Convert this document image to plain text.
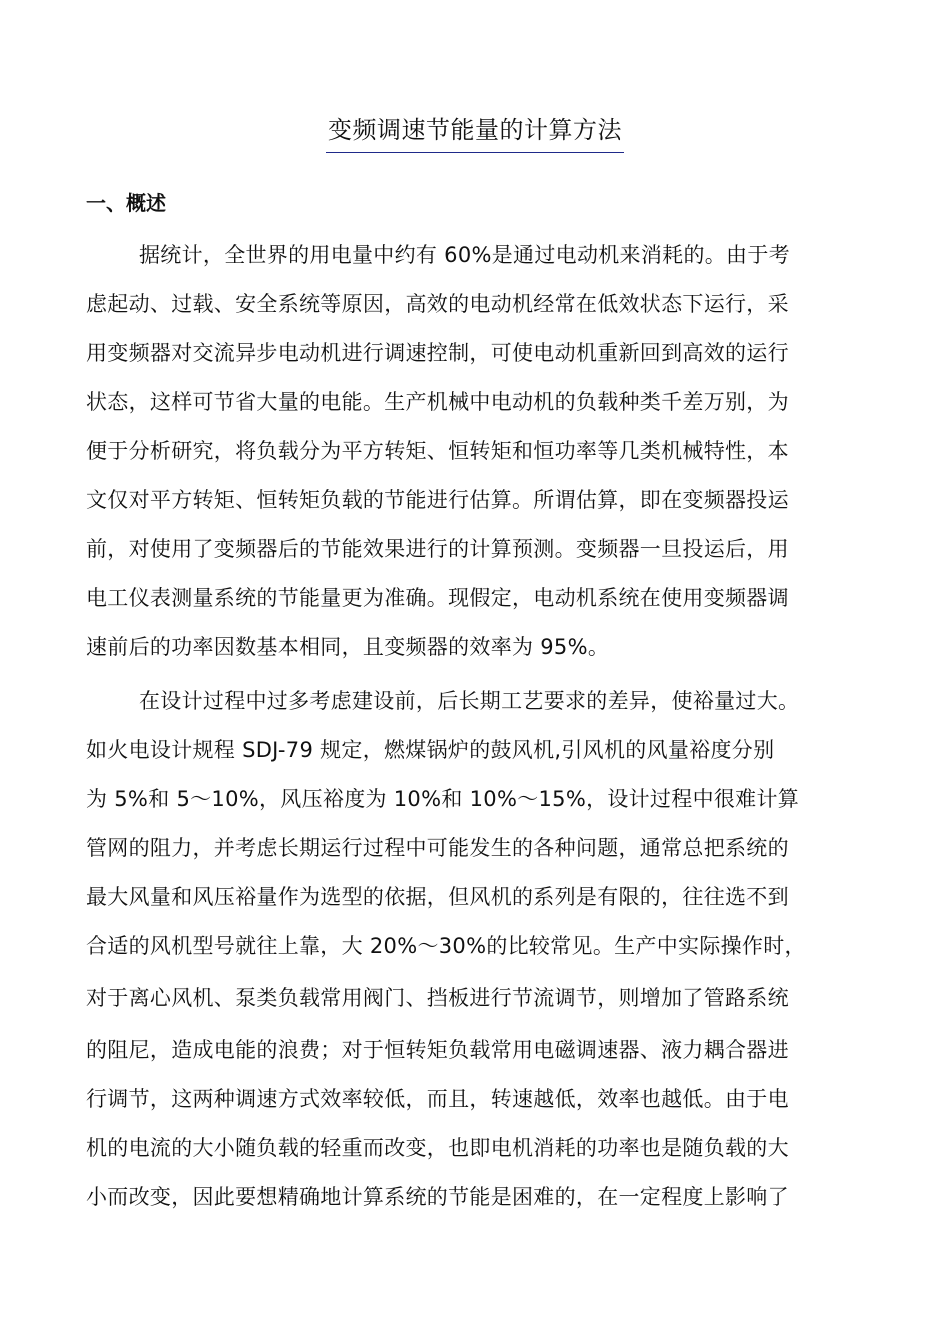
变频调速节能量的计算方法
一、概述
据统计，全世界的用电量中约有 60%是通过电动机来消耗的。由于考
虑起动、过载、安全系统等原因，高效的电动机经常在低效状态下运行，采
用变频器对交流异步电动机进行调速控制，可使电动机重新回到高效的运行
状态，这样可节省大量的电能。生产机械中电动机的负载种类千差万别，为
便于分析研究，将负载分为平方转矩、恒转矩和恒功率等几类机械特性，本
文仅对平方转矩、恒转矩负载的节能进行估算。所谓估算，即在变频器投运
前，对使用了变频器后的节能效果进行的计算预测。变频器一旦投运后，用
电工仪表测量系统的节能量更为准确。现假定，电动机系统在使用变频器调
速前后的功率因数基本相同，且变频器的效率为 95%。
在设计过程中过多考虑建设前，后长期工艺要求的差异，使裕量过大。
如火电设计规程 SDJ-79 规定，燃煤锅炉的鼓风机,引风机的风量裕度分别
为 5%和 5～10%，风压裕度为 10%和 10%～15%，设计过程中很难计算
管网的阻力，并考虑长期运行过程中可能发生的各种问题，通常总把系统的
最大风量和风压裕量作为选型的依据，但风机的系列是有限的，往往选不到
合适的风机型号就往上靠，大 20%～30%的比较常见。生产中实际操作时，
对于离心风机、泵类负载常用阀门、挡板进行节流调节，则增加了管路系统
的阻尼，造成电能的浪费；对于恒转矩负载常用电磁调速器、液力耦合器进
行调节，这两种调速方式效率较低，而且，转速越低，效率也越低。由于电
机的电流的大小随负载的轻重而改变，也即电机消耗的功率也是随负载的大
小而改变，因此要想精确地计算系统的节能是困难的，在一定程度上影响了
